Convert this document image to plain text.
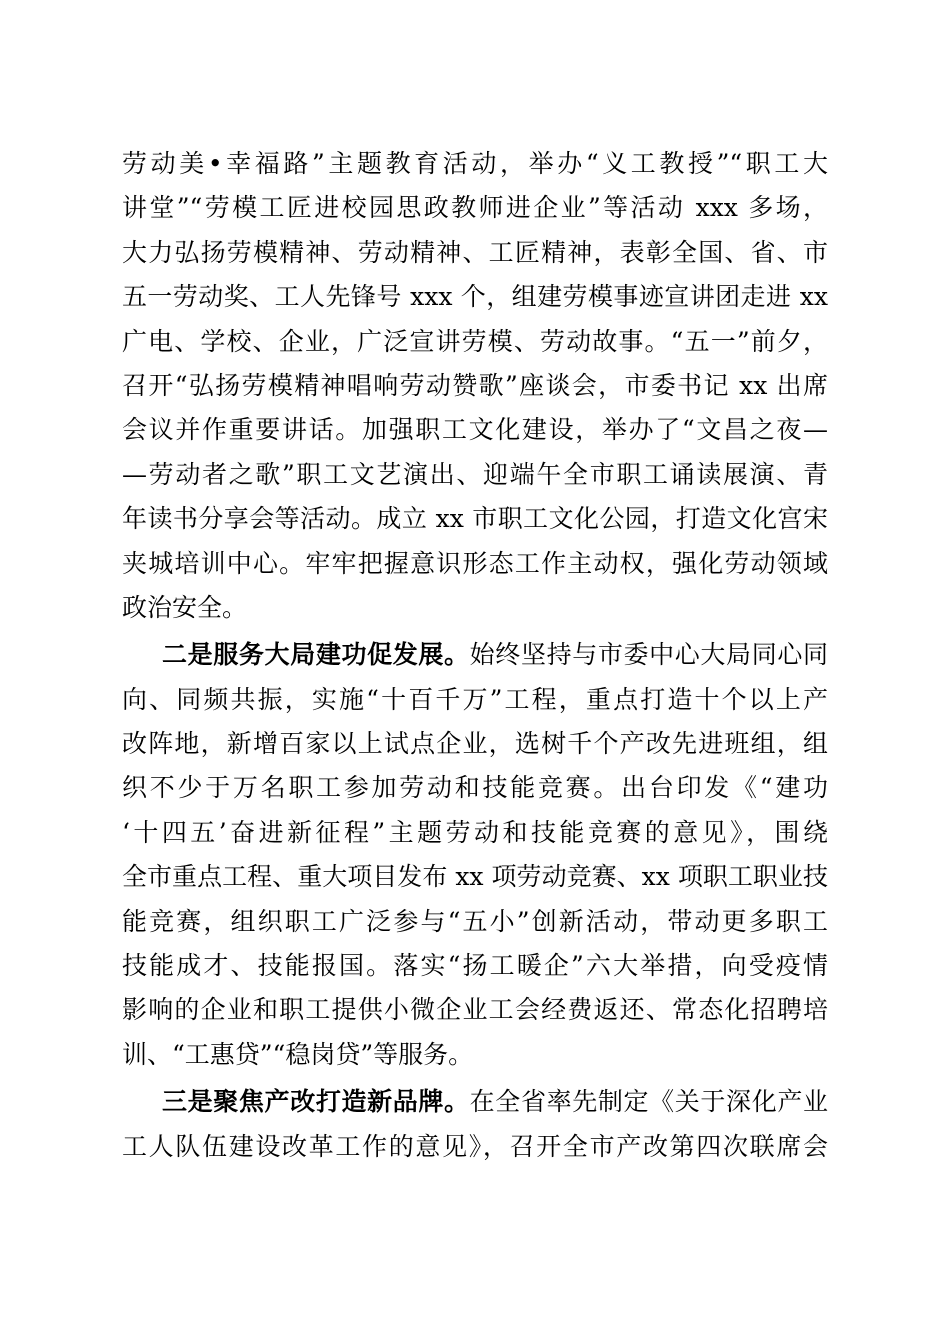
劳动美•幸福路”主题教育活动，举办“义工教授”“职工大
讲堂”“劳模工匠进校园思政教师进企业”等活动 xxx 多场，
大力弘扬劳模精神、劳动精神、工匠精神，表彰全国、省、市
五一劳动奖、工人先锋号 xxx 个，组建劳模事迹宣讲团走进 xx
广电、学校、企业，广泛宣讲劳模、劳动故事。“五一”前夕，
召开“弘扬劳模精神唱响劳动赞歌”座谈会，市委书记 xx 出席
会议并作重要讲话。加强职工文化建设，举办了“文昌之夜—
—劳动者之歌”职工文艺演出、迎端午全市职工诵读展演、青
年读书分享会等活动。成立 xx 市职工文化公园，打造文化宫宋
夹城培训中心。牢牢把握意识形态工作主动权，强化劳动领域
政治安全。
二是服务大局建功促发展。始终坚持与市委中心大局同心同
向、同频共振，实施“十百千万”工程，重点打造十个以上产
改阵地，新增百家以上试点企业，选树千个产改先进班组，组
织不少于万名职工参加劳动和技能竞赛。出台印发《“建功
‘十四五’奋进新征程”主题劳动和技能竞赛的意见》，围绕
全市重点工程、重大项目发布 xx 项劳动竞赛、xx 项职工职业技
能竞赛，组织职工广泛参与“五小”创新活动，带动更多职工
技能成才、技能报国。落实“扬工暖企”六大举措，向受疫情
影响的企业和职工提供小微企业工会经费返还、常态化招聘培
训、“工惠贷”“稳岗贷”等服务。
三是聚焦产改打造新品牌。在全省率先制定《关于深化产业
工人队伍建设改革工作的意见》，召开全市产改第四次联席会
